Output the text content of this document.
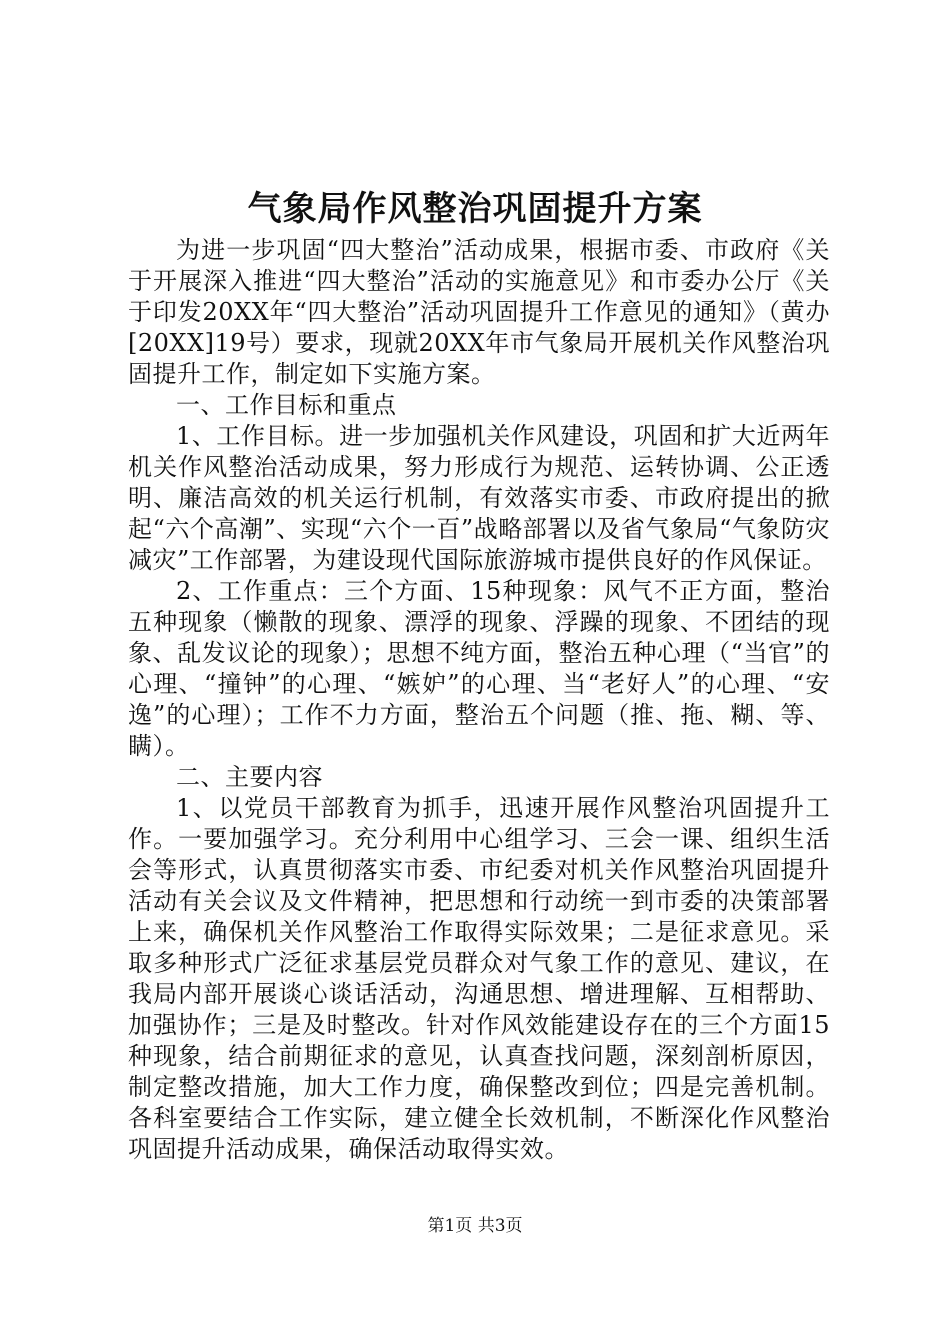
气象局作风整治巩固提升方案

为进一步巩固“四大整治”活动成果，根据市委、市政府《关于开展深入推进“四大整治”活动的实施意见》和市委办公厅《关于印发20XX年“四大整治”活动巩固提升工作意见的通知》（黄办[20XX]19号）要求，现就20XX年市气象局开展机关作风整治巩固提升工作，制定如下实施方案。

一、工作目标和重点

1、工作目标。进一步加强机关作风建设，巩固和扩大近两年机关作风整治活动成果，努力形成行为规范、运转协调、公正透明、廉洁高效的机关运行机制，有效落实市委、市政府提出的掀起“六个高潮”、实现“六个一百”战略部署以及省气象局“气象防灾减灾”工作部署，为建设现代国际旅游城市提供良好的作风保证。

2、工作重点：三个方面、15种现象：风气不正方面，整治五种现象（懒散的现象、漂浮的现象、浮躁的现象、不团结的现象、乱发议论的现象）；思想不纯方面，整治五种心理（“当官”的心理、“撞钟”的心理、“嫉妒”的心理、当“老好人”的心理、“安逸”的心理）；工作不力方面，整治五个问题（推、拖、糊、等、瞒）。

二、主要内容

1、以党员干部教育为抓手，迅速开展作风整治巩固提升工作。一要加强学习。充分利用中心组学习、三会一课、组织生活会等形式，认真贯彻落实市委、市纪委对机关作风整治巩固提升活动有关会议及文件精神，把思想和行动统一到市委的决策部署上来，确保机关作风整治工作取得实际效果；二是征求意见。采取多种形式广泛征求基层党员群众对气象工作的意见、建议，在我局内部开展谈心谈话活动，沟通思想、增进理解、互相帮助、加强协作；三是及时整改。针对作风效能建设存在的三个方面15种现象，结合前期征求的意见，认真查找问题，深刻剖析原因，制定整改措施，加大工作力度，确保整改到位；四是完善机制。各科室要结合工作实际，建立健全长效机制，不断深化作风整治巩固提升活动成果，确保活动取得实效。

第1页 共3页
